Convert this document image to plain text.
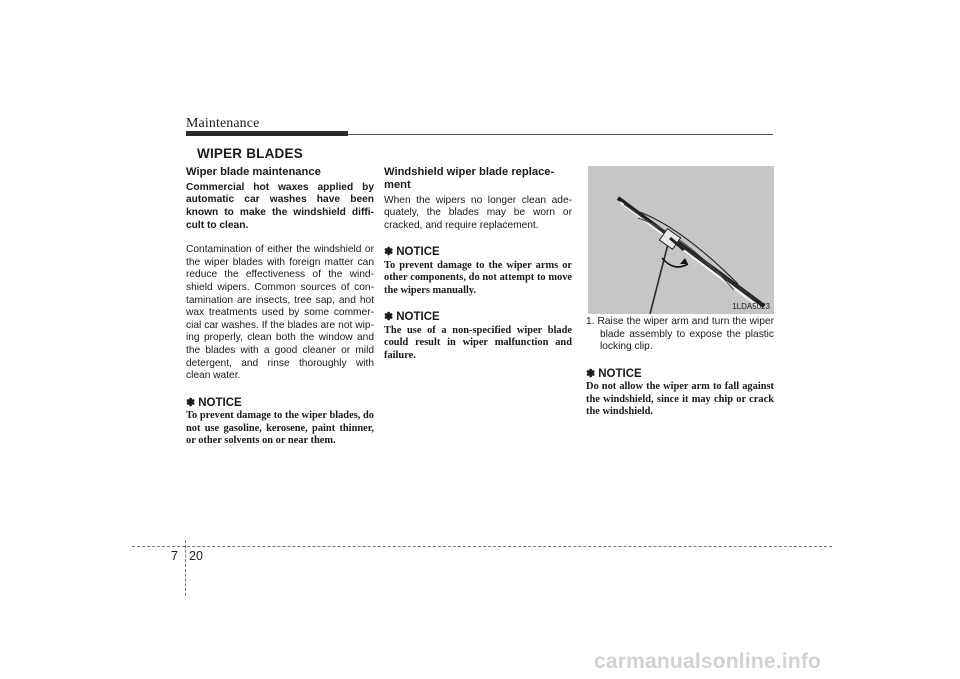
Maintenance
WIPER BLADES
Wiper blade maintenance

Commercial hot waxes applied by automatic car washes have been known to make the windshield diffi-cult to clean.

Contamination of either the windshield or the wiper blades with foreign matter can reduce the effectiveness of the wind-shield wipers. Common sources of con-tamination are insects, tree sap, and hot wax treatments used by some commer-cial car washes. If the blades are not wip-ing properly, clean both the window and the blades with a good cleaner or mild detergent, and rinse thoroughly with clean water.

✽ NOTICE

To prevent damage to the wiper blades, do not use gasoline, kerosene, paint thinner, or other solvents on or near them.

Windshield wiper blade replace-ment

When the wipers no longer clean ade-quately, the blades may be worn or cracked, and require replacement.

✽ NOTICE

To prevent damage to the wiper arms or other components, do not attempt to move the wipers manually.

✽ NOTICE

The use of a non-specified wiper blade could result in wiper malfunction and failure.

1LDA5023

1. Raise the wiper arm and turn the wiper blade assembly to expose the plastic locking clip.

✽ NOTICE

Do not allow the wiper arm to fall against the windshield, since it may chip or crack the windshield.

7 20
carmanualsonline.info
